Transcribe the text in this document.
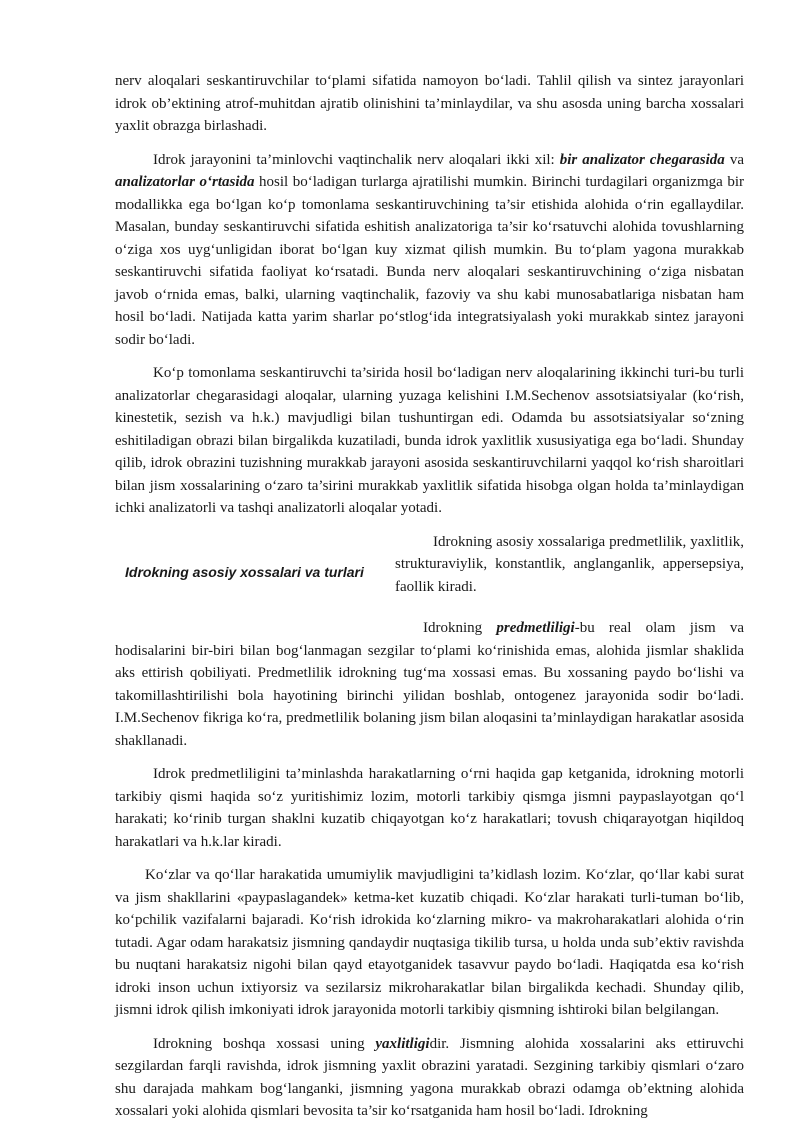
nerv aloqalari seskantiruvchilar to‘plami sifatida namoyon bo‘ladi. Tahlil qilish va sintez jarayonlari idrok ob’ektining atrof-muhitdan ajratib olinishini ta’minlaydilar, va shu asosda uning barcha xossalari yaxlit obrazga birlashadi.

Idrok jarayonini ta’minlovchi vaqtinchalik nerv aloqalari ikki xil: bir analizator chegarasida va analizatorlar o‘rtasida hosil bo‘ladigan turlarga ajratilishi mumkin. Birinchi turdagilari organizmga bir modallikka ega bo‘lgan ko‘p tomonlama seskantiruvchining ta’sir etishida alohida o‘rin egallaydilar. Masalan, bunday seskantiruvchi sifatida eshitish analizatoriga ta’sir ko‘rsatuvchi alohida tovushlarning o‘ziga xos uyg‘unligidan iborat bo‘lgan kuy xizmat qilish mumkin. Bu to‘plam yagona murakkab seskantiruvchi sifatida faoliyat ko‘rsatadi. Bunda nerv aloqalari seskantiruvchining o‘ziga nisbatan javob o‘rnida emas, balki, ularning vaqtinchalik, fazoviy va shu kabi munosabatlariga nisbatan ham hosil bo‘ladi. Natijada katta yarim sharlar po‘stlog‘ida integratsiyalash yoki murakkab sintez jarayoni sodir bo‘ladi.

Ko‘p tomonlama seskantiruvchi ta’sirida hosil bo‘ladigan nerv aloqalarining ikkinchi turi-bu turli analizatorlar chegarasidagi aloqalar, ularning yuzaga kelishini I.M.Sechenov assotsiatsiyalar (ko‘rish, kinestetik, sezish va h.k.) mavjudligi bilan tushuntirgan edi. Odamda bu assotsiatsiyalar so‘zning eshitiladigan obrazi bilan birgalikda kuzatiladi, bunda idrok yaxlitlik xususiyatiga ega bo‘ladi. Shunday qilib, idrok obrazini tuzishning murakkab jarayoni asosida seskantiruvchilarni yaqqol ko‘rish sharoitlari bilan jism xossalarining o‘zaro ta’sirini murakkab yaxlitlik sifatida hisobga olgan holda ta’minlaydigan ichki analizatorli va tashqi analizatorli aloqalar yotadi.

Idrokning asosiy xossalari va turlari

Idrokning asosiy xossalariga predmetlilik, yaxlitlik, strukturaviylik, konstantlik, anglanganlik, appersepsiya, faollik kiradi.

Idrokning predmetliligi-bu real olam jism va hodisalarini bir-biri bilan bog‘lanmagan sezgilar to‘plami ko‘rinishida emas, alohida jismlar shaklida aks ettirish qobiliyati. Predmetlilik idrokning tug‘ma xossasi emas. Bu xossaning paydo bo‘lishi va takomillashtirilishi bola hayotining birinchi yilidan boshlab, ontogenez jarayonida sodir bo‘ladi. I.M.Sechenov fikriga ko‘ra, predmetlilik bolaning jism bilan aloqasini ta’minlaydigan harakatlar asosida shakllanadi.

Idrok predmetliligini ta’minlashda harakatlarning o‘rni haqida gap ketganida, idrokning motorli tarkibiy qismi haqida so‘z yuritishimiz lozim, motorli tarkibiy qismga jismni paypaslayotgan qo‘l harakati; ko‘rinib turgan shaklni kuzatib chiqayotgan ko‘z harakatlari; tovush chiqarayotgan hiqildoq harakatlari va h.k.lar kiradi.

Ko‘zlar va qo‘llar harakatida umumiylik mavjudligini ta’kidlash lozim. Ko‘zlar, qo‘llar kabi surat va jism shakllarini «paypaslagandek» ketma-ket kuzatib chiqadi. Ko‘zlar harakati turli-tuman bo‘lib, ko‘pchilik vazifalarni bajaradi. Ko‘rish idrokida ko‘zlarning mikro- va makroharakatlari alohida o‘rin tutadi. Agar odam harakatsiz jismning qandaydir nuqtasiga tikilib tursa, u holda unda sub’ektiv ravishda bu nuqtani harakatsiz nigohi bilan qayd etayotganidek tasavvur paydo bo‘ladi. Haqiqatda esa ko‘rish idroki inson uchun ixtiyorsiz va sezilarsiz mikroharakatlar bilan birgalikda kechadi. Shunday qilib, jismni idrok qilish imkoniyati idrok jarayonida motorli tarkibiy qismning ishtiroki bilan belgilangan.

Idrokning boshqa xossasi uning yaxlitligidir. Jismning alohida xossalarini aks ettiruvchi sezgilardan farqli ravishda, idrok jismning yaxlit obrazini yaratadi. Sezgining tarkibiy qismlari o‘zaro shu darajada mahkam bog‘langanki, jismning yagona murakkab obrazi odamga ob’ektning alohida xossalari yoki alohida qismlari bevosita ta’sir ko‘rsatganida ham hosil bo‘ladi. Idrokning
